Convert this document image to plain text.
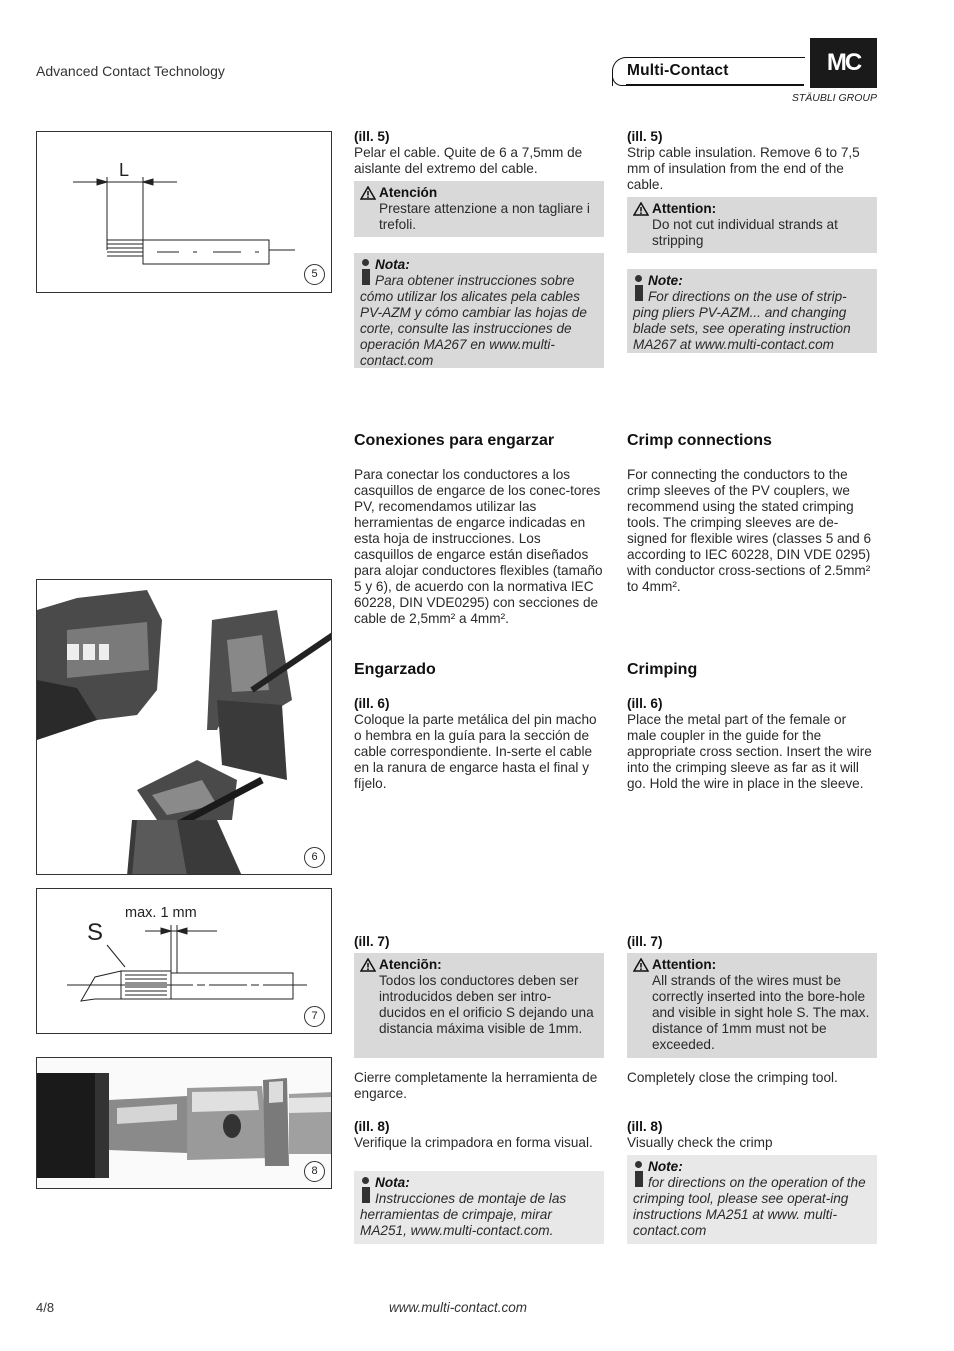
Advanced Contact Technology	Multi-Contact	MC
STÄUBLI GROUP
L
5
6
S
max. 1 mm
7
8
(ill. 5)
Pelar el cable. Quite de 6 a 7,5mm de aislante del extremo del cable.
Atención
Prestare attenzione a non tagliare i trefoli.
Nota:
Para obtener instrucciones sobre cómo utilizar los alicates pela cables PV-AZM y cómo cambiar las hojas de corte, consulte las instrucciones de operación MA267 en www.multi-contact.com
Conexiones para engarzar
Para conectar los conductores a los casquillos de engarce de los conec-tores PV, recomendamos utilizar las herramientas de engarce indicadas en esta hoja de instrucciones. Los casquillos de engarce están diseñados para alojar conductores flexibles (tamaño 5 y 6), de acuerdo con la normativa IEC 60228, DIN VDE0295) con secciones de cable de 2,5mm² a 4mm².
Engarzado
(ill. 6)
Coloque la parte metálica del pin macho o hembra en la guía para la sección de cable correspondiente. In-serte el cable en la ranura de engarce hasta el final y fíjelo.
(ill. 7)
Atenciõn:
Todos los conductores deben ser introducidos deben ser intro-ducidos en el orificio S dejando una distancia máxima visible de 1mm.
Cierre completamente la herramienta de engarce.
(ill. 8)
Verifique la crimpadora en forma visual.
Nota:
Instrucciones de montaje de las herramientas de crimpaje, mirar MA251, www.multi-contact.com.
(ill. 5)
Strip cable insulation. Remove 6 to 7,5 mm of insulation from the end of the cable.
Attention:
Do not cut individual strands at stripping
Note:
For directions on the use of strip-ping pliers PV-AZM... and changing blade sets, see operating instruction MA267 at www.multi-contact.com
Crimp connections
For connecting the conductors to the crimp sleeves of the PV couplers, we recommend using the stated crimping tools. The crimping sleeves are de-signed for flexible wires (classes 5 and 6 according to IEC 60228, DIN VDE 0295) with conductor cross-sections of 2.5mm² to 4mm².
Crimping
(ill. 6)
Place the metal part of the female or male coupler in the guide for the appropriate cross section. Insert the wire into the crimping sleeve as far as it will go. Hold the wire in place in the sleeve.
(ill. 7)
Attention:
All strands of the wires must be correctly inserted into the bore-hole and visible in sight hole S. The max. distance of 1mm must not be exceeded.
Completely close the crimping tool.
(ill. 8)
Visually check the crimp
Note:
for directions on the operation of the crimping tool, please see operat-ing instructions MA251 at www. multi-contact.com
4/8	www.multi-contact.com
